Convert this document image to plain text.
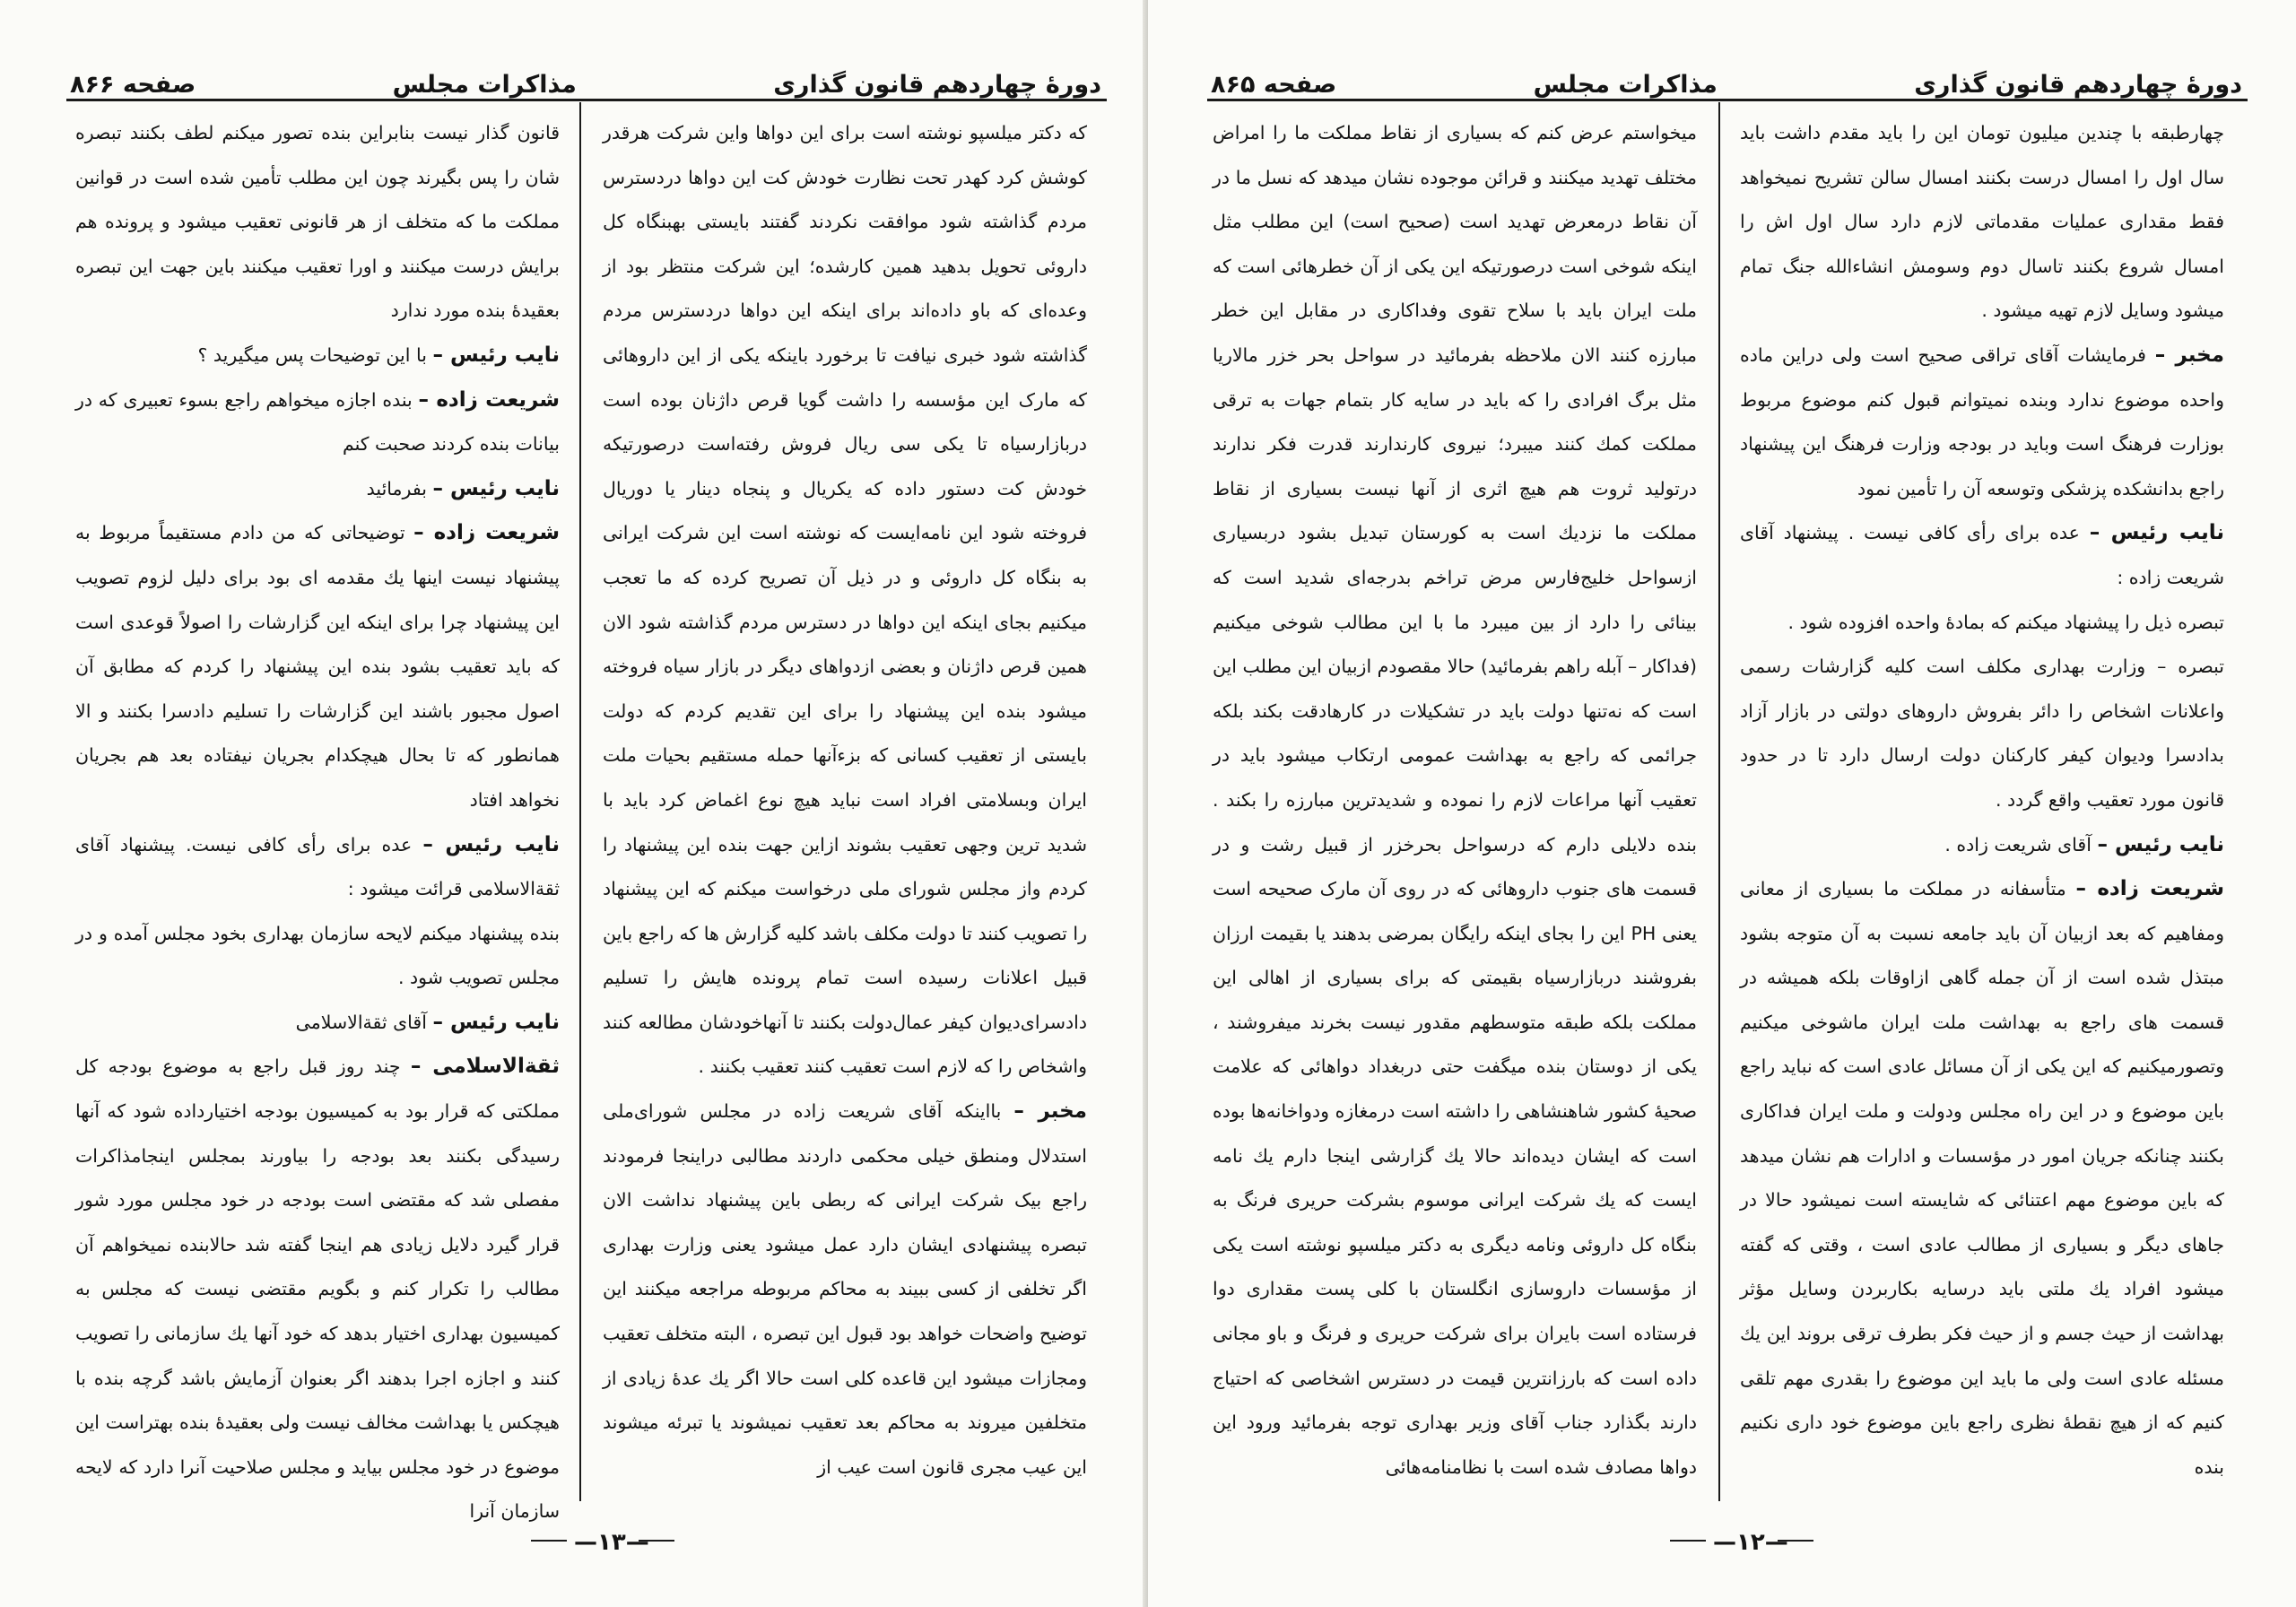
دورهٔ چهاردهم قانون گذاری
مذاکرات مجلس
صفحه ۸۶۶

که دکتر میلسپو نوشته است برای این دواها واین شرکت هرقدر کوشش کرد کهدر تحت نظارت خودش کت این دواها دردسترس مردم گذاشته شود موافقت نکردند گفتند بایستی بهبنگاه کل داروئی تحویل بدهید همین کارشده؛ این شرکت منتظر بود از وعده‌ای که باو داده‌اند برای اینکه این دواها دردسترس مردم گذاشته شود خبری نیافت تا برخورد باینکه یکی از این داروهائی که مارک این مؤسسه را داشت گویا قرص داژنان بوده است دربازارسیاه تا یکی سی ریال فروش رفته‌است درصورتیکه خودش کت دستور داده که یکریال و پنجاه دینار یا دوریال فروخته شود این نامه‌ایست که نوشته است این شرکت ایرانی به بنگاه کل داروئی و در ذیل آن تصریح کرده که ما تعجب میکنیم بجای اینکه این دواها در دسترس مردم گذاشته شود الان همین قرص داژنان و بعضی ازدواهای دیگر در بازار سیاه فروخته میشود بنده این پیشنهاد را برای این تقدیم کردم که دولت بایستی از تعقیب کسانی که بزءآنها حمله مستقیم بحیات ملت ایران وبسلامتی افراد است نباید هیچ نوع اغماض کرد باید با شدید ترین وجهی تعقیب بشوند ازاین جهت بنده این پیشنهاد را کردم واز مجلس شورای ملی درخواست میکنم که این پیشنهاد را تصویب کنند تا دولت مکلف باشد کلیه گزارش ها که راجع باین قبیل اعلانات رسیده است تمام پرونده هایش را تسلیم دادسرای‌دیوان کیفر عمال‌دولت بکنند تا آنهاخودشان مطالعه کنند واشخاص را که لازم است تعقیب کنند تعقیب بکنند .

مخبر – بااینکه آقای شریعت زاده در مجلس شورای‌ملی استدلال ومنطق خیلی محکمی داردند مطالبی دراینجا فرمودند راجع بیک شرکت ایرانی که ربطی باین پیشنهاد نداشت الان تبصره پیشنهادی ایشان دارد عمل میشود یعنی وزارت بهداری اگر تخلفی از کسی ببیند به محاکم مربوطه مراجعه میکنند این توضیح واضحات خواهد بود قبول این تبصره ، البته متخلف تعقیب ومجازات میشود این قاعده کلی است حالا اگر یك عدهٔ زیادی از متخلفین میروند به محاکم بعد تعقیب نمیشوند یا تبرئه میشوند این عیب مجری قانون است عیب از

قانون گذار نیست بنابراین بنده تصور میکنم لطف بکنند تبصره شان را پس بگیرند چون این مطلب تأمین شده است در قوانین مملکت ما که متخلف از هر قانونی تعقیب میشود و پرونده هم برایش درست میکنند و اورا تعقیب میکنند باین جهت این تبصره بعقیدهٔ بنده مورد ندارد

نایب رئیس – با این توضیحات پس میگیرید ؟

شریعت زاده – بنده اجازه میخواهم راجع بسوء تعبیری که در بیانات بنده کردند صحبت کنم

نایب رئیس – بفرمائید

شریعت زاده – توضیحاتی که من دادم مستقیماً مربوط به پیشنهاد نیست اینها یك مقدمه ای بود برای دلیل لزوم تصویب این پیشنهاد چرا برای اینکه این گزارشات را اصولاً قوعدی است که باید تعقیب بشود بنده این پیشنهاد را کردم که مطابق آن اصول مجبور باشند این گزارشات را تسلیم دادسرا بکنند و الا همانطور که تا بحال هیچکدام بجریان نیفتاده بعد هم بجریان نخواهد افتاد

نایب رئیس – عده برای رأی کافی نیست. پیشنهاد آقای ثقة‌الاسلامی قرائت میشود :

بنده پیشنهاد میکنم لایحه سازمان بهداری بخود مجلس آمده و در مجلس تصویب شود .

نایب رئیس – آقای ثقة‌الاسلامی

ثقة‌الاسلامی – چند روز قبل راجع به موضوع بودجه کل مملکتی که قرار بود به کمیسیون بودجه اختیارداده شود که آنها رسیدگی بکنند بعد بودجه را بیاورند بمجلس اینجامذاکرات مفصلی شد که مقتضی است بودجه در خود مجلس مورد شور قرار گیرد دلایل زیادی هم اینجا گفته شد حالابنده نمیخواهم آن مطالب را تکرار کنم و بگویم مقتضی نیست که مجلس به کمیسیون بهداری اختیار بدهد که خود آنها یك سازمانی را تصویب کنند و اجازه اجرا بدهند اگر بعنوان آزمایش باشد گرچه بنده با هیچکس یا بهداشت مخالف نیست ولی بعقیدهٔ بنده بهتراست این موضوع در خود مجلس بیاید و مجلس صلاحیت آنرا دارد که لایحه سازمان آنرا

—۱۳—
دورهٔ چهاردهم قانون گذاری
مذاکرات مجلس
صفحه ۸۶۵

چهارطبقه با چندین میلیون تومان این را باید مقدم داشت باید سال اول را امسال درست بکنند امسال سالن تشریح نمیخواهد فقط مقداری عملیات مقدماتی لازم دارد سال اول اش را امسال شروع بکنند تاسال دوم وسومش انشاءالله جنگ تمام میشود وسایل لازم تهیه میشود .

مخبر – فرمایشات آقای تراقی صحیح است ولی دراین ماده واحده موضوع ندارد وبنده نمیتوانم قبول کنم موضوع مربوط بوزارت فرهنگ است وباید در بودجه وزارت فرهنگ این پیشنهاد راجع بدانشکده پزشکی وتوسعه آن را تأمین نمود

نایب رئیس – عده برای رأی کافی نیست . پیشنهاد آقای شریعت زاده :

تبصره ذیل را پیشنهاد میکنم که بمادهٔ واحده افزوده شود .

تبصره – وزارت بهداری مکلف است کلیه گزارشات رسمی واعلانات اشخاص را دائر بفروش داروهای دولتی در بازار آزاد بدادسرا ودیوان کیفر کارکنان دولت ارسال دارد تا در حدود قانون مورد تعقیب واقع گردد .

نایب رئیس – آقای شریعت زاده .

شریعت زاده – متأسفانه در مملکت ما بسیاری از معانی ومفاهیم که بعد ازبیان آن باید جامعه نسبت به آن متوجه بشود مبتذل شده است از آن جمله گاهی ازاوقات بلکه همیشه در قسمت های راجع به بهداشت ملت ایران ماشوخی میکنیم وتصورمیکنیم که این یکی از آن مسائل عادی است که نباید راجع باین موضوع و در این راه مجلس ودولت و ملت ایران فداکاری بکنند چنانکه جریان امور در مؤسسات و ادارات هم نشان میدهد که باین موضوع مهم اعتنائی که شایسته است نمیشود حالا در جاهای دیگر و بسیاری از مطالب عادی است ، وقتی که گفته میشود افراد یك ملتی باید درسایه بکاربردن وسایل مؤثر بهداشت از حیث جسم و از حیث فکر بطرف ترقی بروند این یك مسئله عادی است ولی ما باید این موضوع را بقدری مهم تلقی کنیم که از هیچ نقطهٔ نظری راجع باین موضوع خود داری نکنیم بنده

میخواستم عرض کنم که بسیاری از نقاط مملکت ما را امراض مختلف تهدید میکنند و قرائن موجوده نشان میدهد که نسل ما در آن نقاط درمعرض تهدید است (صحیح است) این مطلب مثل اینکه شوخی است درصورتیکه این یکی از آن خطرهائی است که ملت ایران باید با سلاح تقوی وفداکاری در مقابل این خطر مبارزه کنند الان ملاحظه بفرمائید در سواحل بحر خزر مالاریا مثل برگ افرادی را که باید در سایه کار بتمام جهات به ترقی مملکت کمك کنند میبرد؛ نیروی کارندارند قدرت فکر ندارند درتولید ثروت هم هیچ اثری از آنها نیست بسیاری از نقاط مملکت ما نزدیك است به کورستان تبدیل بشود دربسیاری ازسواحل خلیج‌فارس مرض تراخم بدرجه‌ای شدید است که بینائی را دارد از بین میبرد ما با این مطالب شوخی میکنیم (فداکار – آبله راهم بفرمائید) حالا مقصودم ازبیان این مطلب این است که نه‌تنها دولت باید در تشکیلات در کارهادقت بکند بلکه جرائمی که راجع به بهداشت عمومی ارتکاب میشود باید در تعقیب آنها مراعات لازم را نموده و شدیدترین مبارزه را بکند . بنده دلایلی دارم که درسواحل بحرخزر از قبیل رشت و در قسمت های جنوب داروهائی که در روی آن مارک صحیحه است یعنی PH این را بجای اینکه رایگان بمرضی بدهند یا بقیمت ارزان بفروشند دربازارسیاه بقیمتی که برای بسیاری از اهالی این مملکت بلکه طبقه متوسطهم مقدور نیست بخرند میفروشند ، یکی از دوستان بنده میگفت حتی دربغداد دواهائی که علامت صحیهٔ کشور شاهنشاهی را داشته است درمغازه ودواخانه‌ها بوده است که ایشان دیده‌اند حالا یك گزارشی اینجا دارم یك نامه ایست که یك شرکت ایرانی موسوم بشرکت حریری فرنگ به بنگاه کل داروئی ونامه دیگری به دکتر میلسپو نوشته است یکی از مؤسسات داروسازی انگلستان با کلی پست مقداری دوا فرستاده است بایران برای شرکت حریری و فرنگ و باو مجانی داده است که بارزانترین قیمت در دسترس اشخاصی که احتیاج دارند بگذارد جناب آقای وزیر بهداری توجه بفرمائید ورود این دواها مصادف شده است با نظامنامه‌هائی

—۱۲—
